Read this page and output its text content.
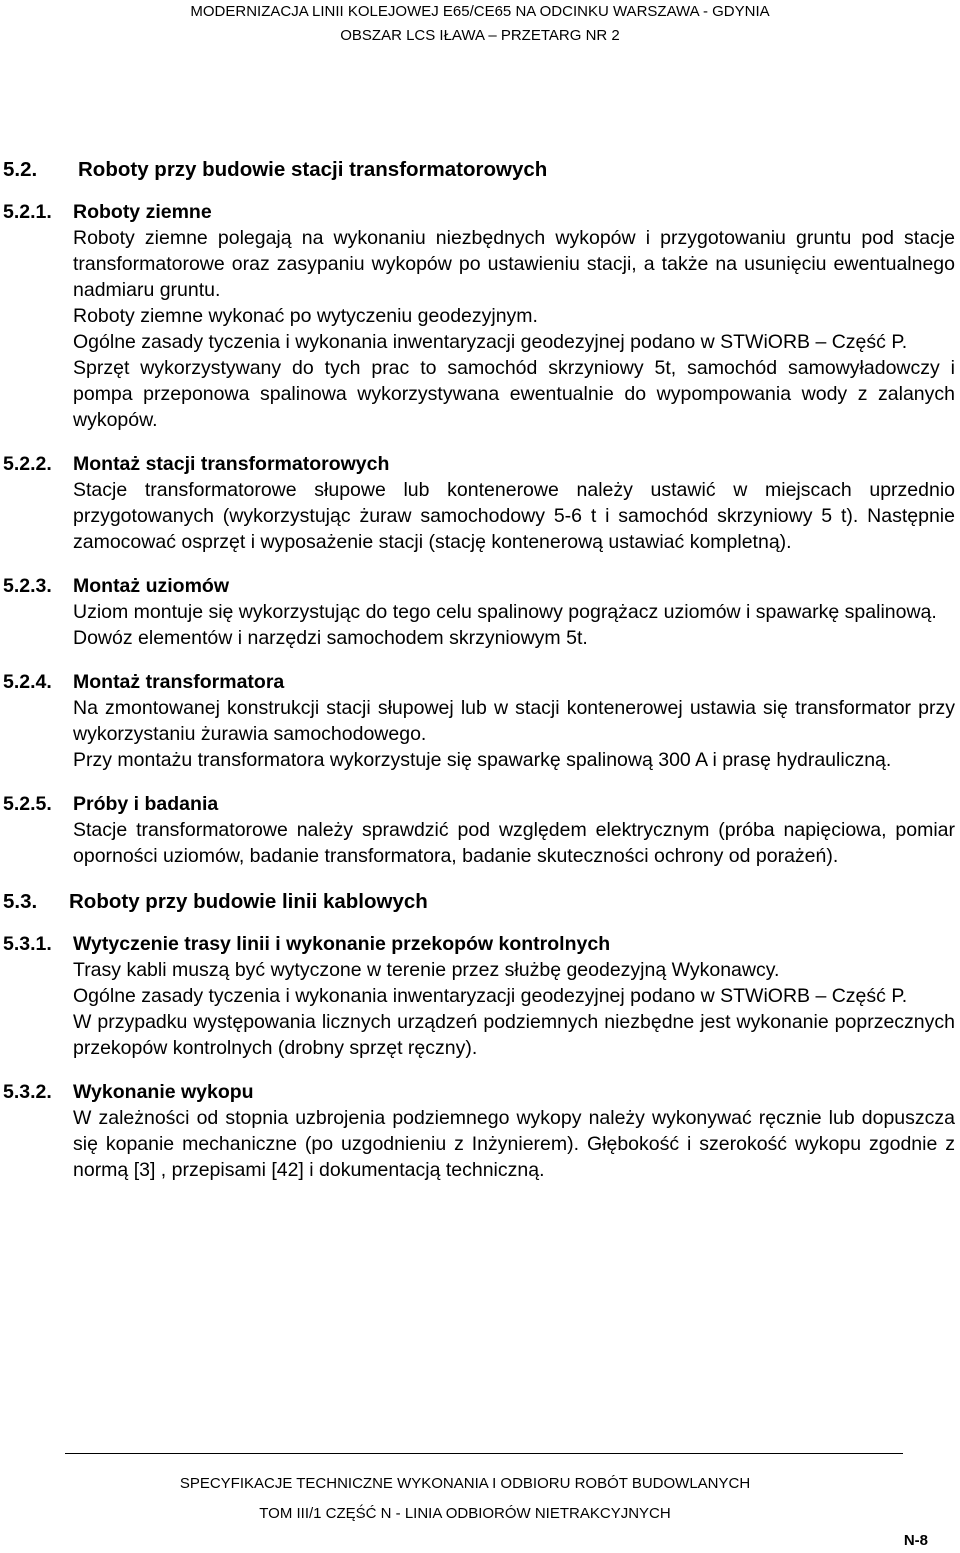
MODERNIZACJA LINII KOLEJOWEJ E65/CE65 NA ODCINKU WARSZAWA - GDYNIA
OBSZAR LCS IŁAWA – PRZETARG NR 2
5.2.	Roboty przy budowie stacji transformatorowych
5.2.1.	Roboty ziemne
Roboty ziemne polegają na wykonaniu niezbędnych wykopów i przygotowaniu gruntu pod stacje transformatorowe oraz zasypaniu wykopów po ustawieniu stacji, a także na usunięciu ewentualnego nadmiaru gruntu.
Roboty ziemne wykonać po wytyczeniu geodezyjnym.
Ogólne zasady tyczenia i wykonania inwentaryzacji geodezyjnej podano w STWiORB – Część P.
Sprzęt wykorzystywany do tych prac to samochód skrzyniowy 5t, samochód samowyładowczy i pompa przeponowa spalinowa wykorzystywana ewentualnie do wypompowania wody z zalanych wykopów.
5.2.2.	Montaż stacji transformatorowych
Stacje transformatorowe słupowe lub kontenerowe należy ustawić w miejscach uprzednio przygotowanych (wykorzystując żuraw samochodowy 5-6 t i samochód skrzyniowy 5 t). Następnie zamocować osprzęt i wyposażenie stacji (stację kontenerową ustawiać kompletną).
5.2.3.	Montaż uziomów
Uziom montuje się wykorzystując do tego celu spalinowy pogrążacz uziomów i spawarkę spalinową.
Dowóz elementów i narzędzi samochodem skrzyniowym 5t.
5.2.4.	Montaż transformatora
Na zmontowanej konstrukcji stacji słupowej lub w stacji kontenerowej ustawia się transformator przy wykorzystaniu żurawia samochodowego.
Przy montażu transformatora wykorzystuje się spawarkę spalinową 300 A i prasę hydrauliczną.
5.2.5.	Próby i badania
Stacje transformatorowe należy sprawdzić pod względem elektrycznym (próba napięciowa, pomiar oporności uziomów, badanie transformatora, badanie skuteczności ochrony od porażeń).
5.3.	Roboty przy budowie linii kablowych
5.3.1.	Wytyczenie trasy linii i wykonanie przekopów kontrolnych
Trasy kabli muszą być wytyczone w terenie przez służbę geodezyjną Wykonawcy.
Ogólne zasady tyczenia i wykonania inwentaryzacji geodezyjnej podano w STWiORB – Część P.
W przypadku występowania licznych urządzeń podziemnych niezbędne jest wykonanie poprzecznych przekopów kontrolnych (drobny sprzęt ręczny).
5.3.2.	Wykonanie wykopu
W zależności od stopnia uzbrojenia podziemnego wykopy należy wykonywać ręcznie lub dopuszcza się kopanie mechaniczne (po uzgodnieniu z Inżynierem). Głębokość i szerokość wykopu zgodnie z normą [3] , przepisami [42] i dokumentacją techniczną.
SPECYFIKACJE TECHNICZNE WYKONANIA I ODBIORU ROBÓT BUDOWLANYCH
TOM III/1 CZĘŚĆ N - LINIA ODBIORÓW NIETRAKCYJNYCH
N-8
